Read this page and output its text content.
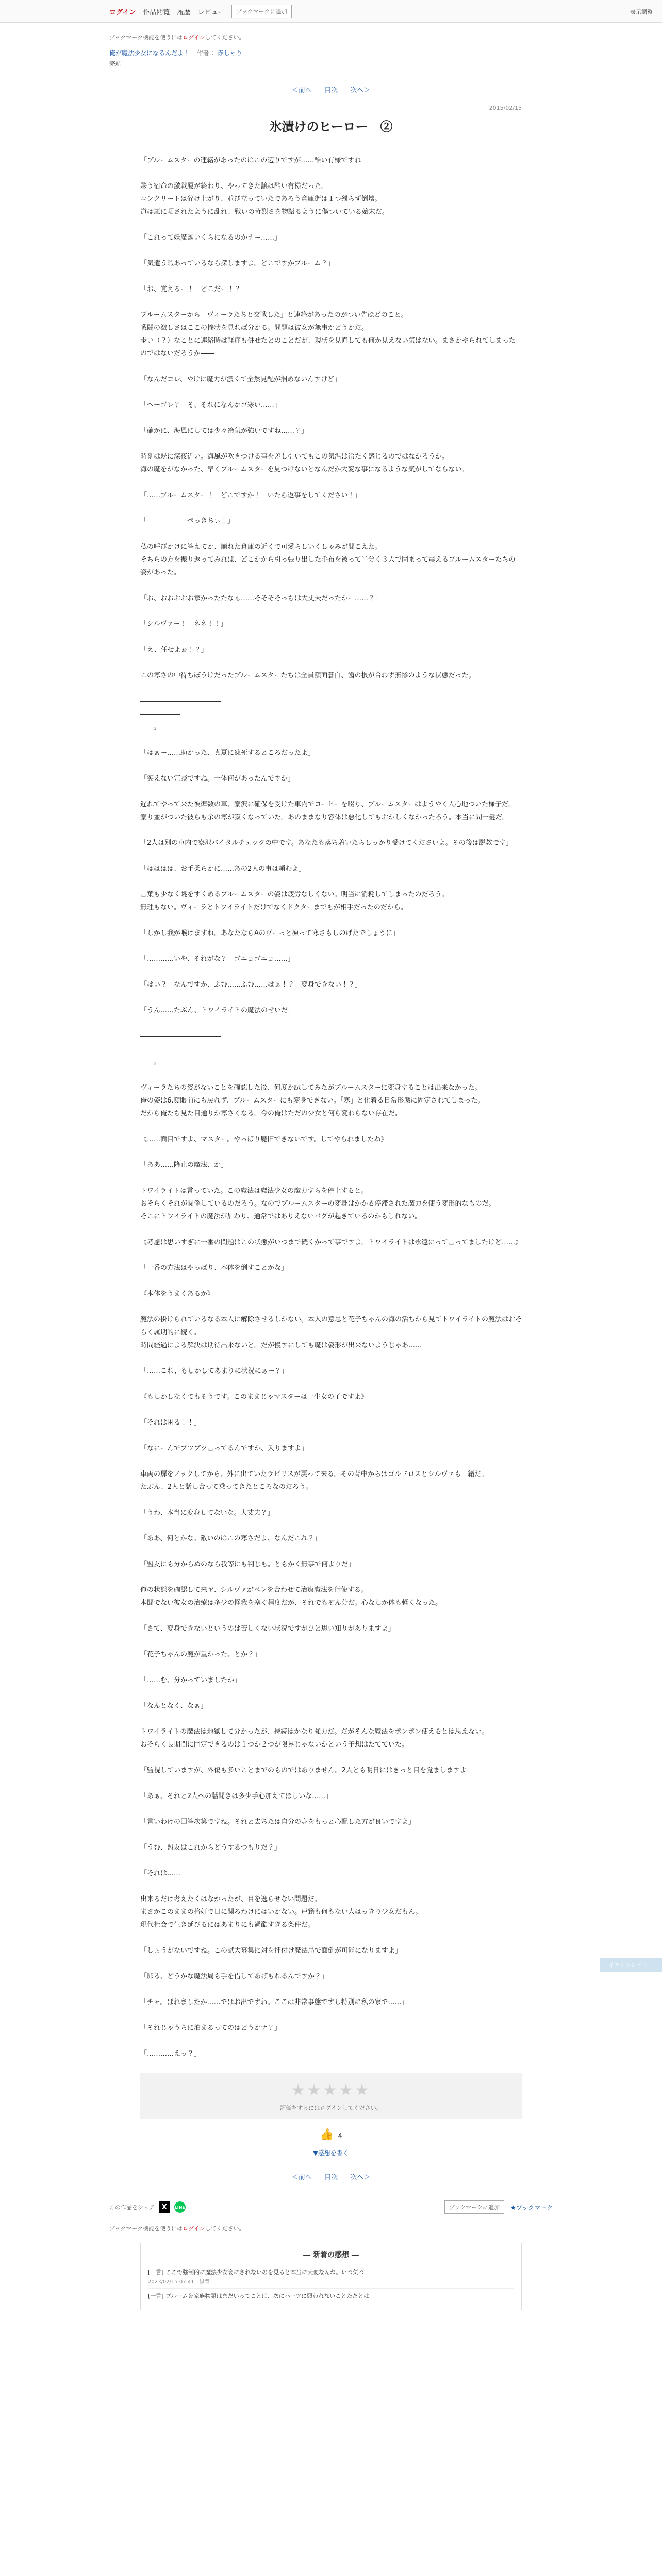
ログイン 作品閲覧 履歴 レビュー	ブックマークに追加	表示調整
ブックマーク機能を使うにはログインしてください。
俺が魔法少女になるんだよ！ 作者： 赤しゃり
完結
＜前へ 目次 次へ＞
2015/02/15
氷漬けのヒーロー　②

「ブルームスターの連絡があったのはこの辺りですが……酷い有様ですね」

夥う宿命の激戦厦が終わり、やってきた譲は酷い有様だった。
コンクリートは砕け上がり、並び立っていたであろう倉庫街は１つ残らず倒壊。
道は嵐に晒されたように乱れ、戦いの苛烈さを物語るように傷ついている始末だ。

「これって妖魔獣いくらになるのかナー……」

「気遣う暇あっているなら探しますよ。どこですかブルーム？」

「お、覚えるー！　どこだー！？」

ブルームスターから「ヴィーラたちと交戦した」と連絡があったのがつい先ほどのこと。
戦闘の激しさはここの惨状を見れば分かる。問題は彼女が無事かどうかだ。
歩い（？）なことに連絡時は軽症も併せたとのことだが、現状を見直しても何か見えない気はない。まさかやられてしまったのではないだろうか――

「なんだコレ、やけに魔力が濃くて全然見配が掴めないんすけど」

「ヘーゴレ？　そ、それになんかゴ寒い……」

「確かに、海風にしては少々冷気が強いですね……？」

時刻は既に深夜近い。海風が吹きつける事を差し引いてもこの気温は冷たく感じるのではなかろうか。
海の魔をがなかった、早くブルームスターを見つけないとなんだか大変な事になるような気がしてならない。

「……ブルームスター！　どこですか！　いたら返事をしてください！」

「――――――ぺっきちぃ！」

私の呼びかけに答えてか、崩れた倉庫の近くで可愛らしいくしゃみが聞こえた。
そちらの方を振り返ってみれば、どこかから引っ張り出した毛布を被って半分く３人で固まって震えるブルームスターたちの姿があった。

「お、おおおおお家かったたなぁ……そそそそっちは大丈夫だったかー……？」

「シルヴァー！　ネネ！！」

「え、任せよぉ！？」

この寒さの中待ちぼうけだったブルームスターたちは全員顔面蒼白、歯の根が合わず無惨のような状態だった。

――――――――――――
――――――
――。

「はぁー……助かった、真夏に凍死するところだったよ」

「笑えない冗談ですね。一体何があったんですか」

遅れてやって来た彼準数の車、寮沢に確保を受けた車内でコーヒーを啜り、ブルームスターはようやく人心地ついた様子だ。
寮り並がついた彼らも余の寒が寂くなっていた。あのままなり容体は悪化してもおかしくなかったろう。本当に間一髪だ。

「2人は別の車内で寮沢バイタルチェックの中です。あなたも落ち着いたらしっかり受けてくださいよ。その後は説教です」

「はははは、お手柔らかに……あの2人の事は頼むよ」

言葉も少なく眺をすくめるブルームスターの姿は疲労なしくない。明当に消耗してしまったのだろう。
無理もない。ヴィーラとトワイライトだけでなくドクターまでもが相手だったのだから。

「しかし我が喉けますね。あなたならAのヴーっと凍って寒さもしのげたでしょうに」

「…………いや、それがな？　ゴニョゴニョ……」

「はい？　なんですか、ふむ……ふむ……はぁ！？　変身できない！？」

「うん……たぶん、トワイライトの魔法のせいだ」

――――――――――――
――――――
――。

ヴィーラたちの姿がないことを確認した後、何度か試してみたがブルームスターに変身することは出来なかった。
俺の姿は6.顔眼前にも戻れず、ブルームスターにも変身できない。「寒」と化着る日常形態に固定されてしまった。
だから俺たち見た目通りか寒さくなる。今の俺はただの少女と何ら変わらない存在だ。

《……面目ですよ、マスター。やっぱり魔旧できないです。してやられましたね》

「ああ……降止の魔法、か」

トワイライトは言っていた。この魔法は魔法少女の魔力すらを停止すると。
おそらくそれが関係しているのだろう。なのでブルームスターの変身はかかる停滞された魔力を使う変形的なものだ。
そこにトワイライトの魔法が加わり、通常ではありえないバグが起きているのかもしれない。

《考慮は思いすぎに一番の問題はこの状態がいつまで続くかって事ですよ。トワイライトは永遠にって言ってましたけど……》

「一番の方法はやっぱり、本体を倒すことかな」

《本体をうまくあるか》

魔法の掛けられているなる本人に解除させるしかない。本人の意思と花子ちゃんの海の活ちから見てトワイライトの魔法はおそらく属期的に続く。
時間経過による解決は期待出来ないと。だが慢すにしても魔は姿形が出来ないようじゃあ……

「……これ、もしかしてあまりに状況にぁー？」

《もしかしなくてもそうです。このままじゃマスターは一生女の子ですよ》

「それは困る！！」

「なにーんでブツブツ言ってるんですか、入りますよ」

車両の扉をノックしてから、外に出ていたラピリスが戻って来る。その背中からはゴルドロスとシルヴァも一緒だ。
たぶん、2人と話し合って乗ってきたところなのだろう。

「うわ、本当に変身してないな。大丈夫？」

「ああ、何とかな。敵いのはこの寒さだよ、なんだこれ？」

「盟友にも分からぬのなら我等にも判じも。ともかく無事で何よりだ」

俺の状態を確認して来ヤ、シルヴァがペンを合わせて治療魔法を行使する。
本聞でない彼女の治療は多少の怪我を塞ぐ程度だが、それでもぞん分だ。心なしか体も軽くなった。

「さて、変身できないというのは苦しくない状況ですがひと思い知りがありますよ」

「花子ちゃんの魔が重かった、とか？」

「……む、分かっていましたか」

「なんとなく、なぁ」

トワイライトの魔法は地獄して分かったが、持続はかなり強力だ。だがそんな魔法をポンポン使えるとは思えない。
おそらく長期間に固定できるのは１つか２つが限界じゃないかという予想はたてていた。

「監視していますが、外傷も多いことまでのものではありません。2人とも明日にはきっと目を覚ましますよ」

「あぁ、それと2人への話聞きは多少手心加えてほしいな……」

「言いわけの回答次第ですね。それと去ちたは自分の身をもっと心配した方が良いですよ」

「うむ、盟友はこれからどうするつもりだ？」

「それは……」

出来るだけ考えたくはなかったが、目を逸らせない問題だ。
まさかこのままの格好で日に関ろわけにはいかない。戸籍も何もない人はっきり少女だもん。
現代社会で生き延びるにはあまりにも過酷すぎる条件だ。

「しょうがないですね。この試大募集に対を押付け魔法局で面倒が可能になりますよ」

「卵る、どうかな魔法局も手を借してあげもれるんですか？」

「チャ。ばれましたか……ではお出ですね。ここは非常事態ですし特別に私の家で……」

「それじゃうちに泊まるってのはどうかナ？」

「…………えっ？」

イチオシレビュー
★★★★★
評価をするにはログインしてください。
👍 4
▼感想を書く
＜前へ 目次 次へ＞
この作品をシェア	X	LINE	ブックマークに追加	★ブックマーク
ブックマーク機能を使うにはログインしてください。
― 新着の感想 ―
[一言] ここで強制的に魔法少女姿にされないのを見ると本当に大変なんね。いつ気づ
2023/02/15 07:41　 黒背
[一言] ブルーム＆家族物語はまだいってことは、次にハーツに頭われないことただとは
